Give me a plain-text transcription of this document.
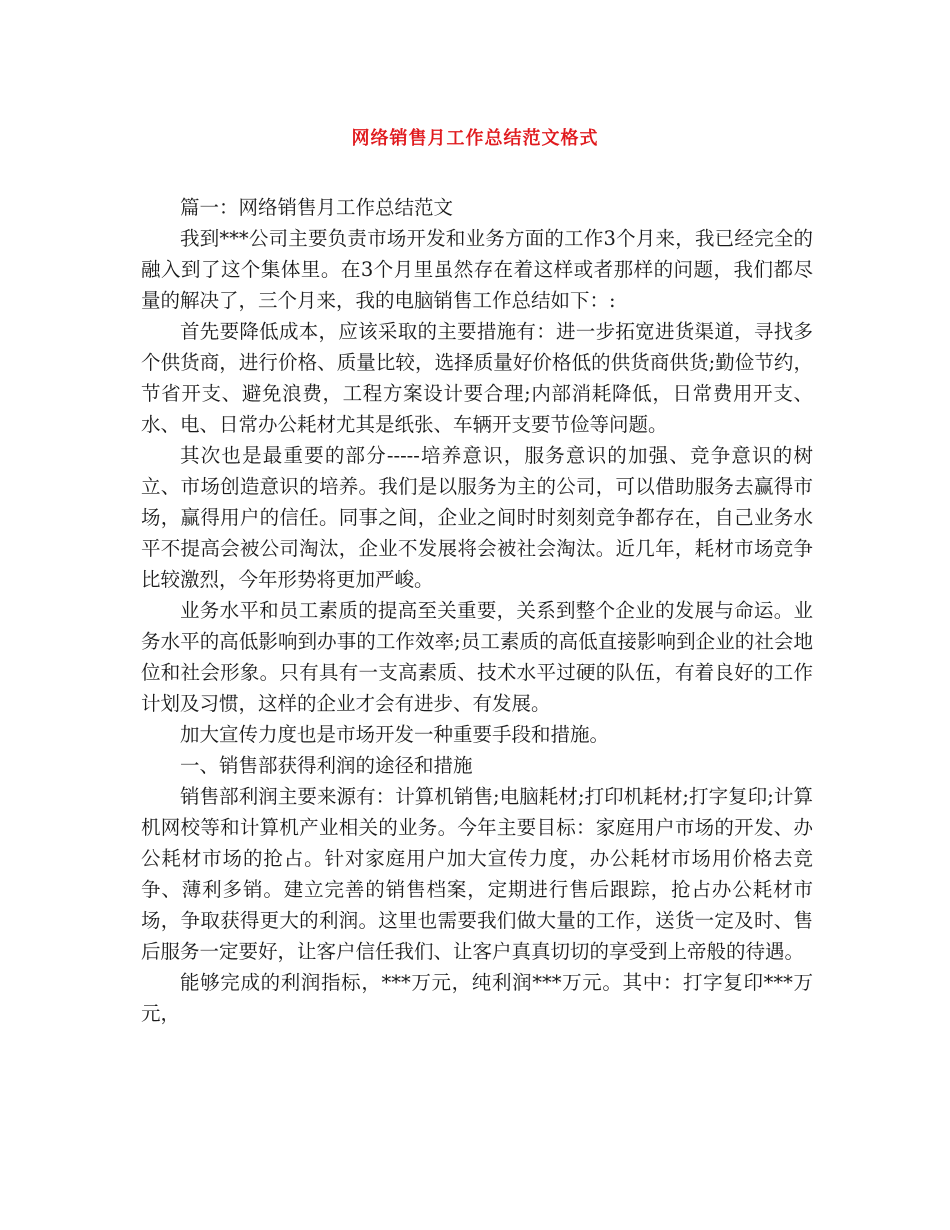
网络销售月工作总结范文格式

篇一：网络销售月工作总结范文

我到***公司主要负责市场开发和业务方面的工作3个月来，我已经完全的融入到了这个集体里。在3个月里虽然存在着这样或者那样的问题，我们都尽量的解决了，三个月来，我的电脑销售工作总结如下：:

首先要降低成本，应该采取的主要措施有：进一步拓宽进货渠道，寻找多个供货商，进行价格、质量比较，选择质量好价格低的供货商供货;勤俭节约，节省开支、避免浪费，工程方案设计要合理;内部消耗降低，日常费用开支、水、电、日常办公耗材尤其是纸张、车辆开支要节俭等问题。

其次也是最重要的部分-----培养意识，服务意识的加强、竞争意识的树立、市场创造意识的培养。我们是以服务为主的公司，可以借助服务去赢得市场，赢得用户的信任。同事之间，企业之间时时刻刻竞争都存在，自己业务水平不提高会被公司淘汰，企业不发展将会被社会淘汰。近几年，耗材市场竞争比较激烈，今年形势将更加严峻。

业务水平和员工素质的提高至关重要，关系到整个企业的发展与命运。业务水平的高低影响到办事的工作效率;员工素质的高低直接影响到企业的社会地位和社会形象。只有具有一支高素质、技术水平过硬的队伍，有着良好的工作计划及习惯，这样的企业才会有进步、有发展。

加大宣传力度也是市场开发一种重要手段和措施。

一、销售部获得利润的途径和措施

销售部利润主要来源有：计算机销售;电脑耗材;打印机耗材;打字复印;计算机网校等和计算机产业相关的业务。今年主要目标：家庭用户市场的开发、办公耗材市场的抢占。针对家庭用户加大宣传力度，办公耗材市场用价格去竞争、薄利多销。建立完善的销售档案，定期进行售后跟踪，抢占办公耗材市场，争取获得更大的利润。这里也需要我们做大量的工作，送货一定及时、售后服务一定要好，让客户信任我们、让客户真真切切的享受到上帝般的待遇。

能够完成的利润指标，***万元，纯利润***万元。其中：打字复印***万元，
